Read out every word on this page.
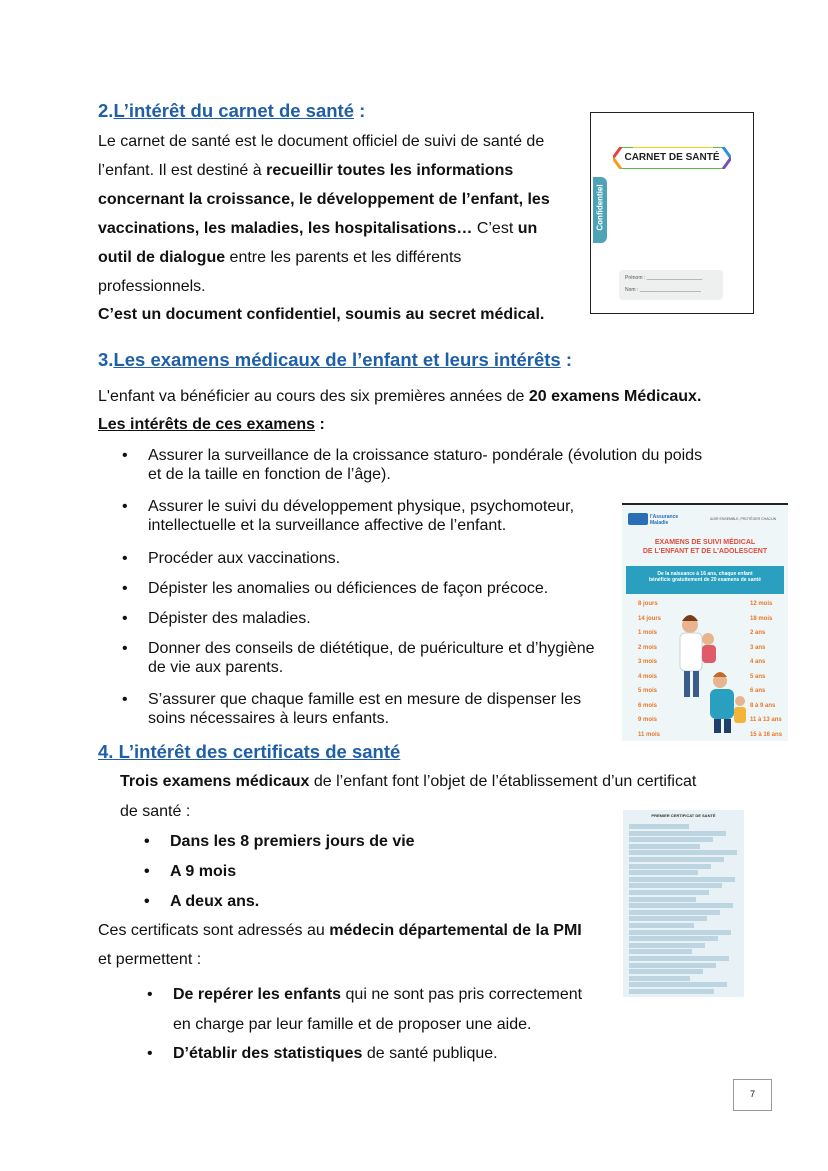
2.L’intérêt du carnet de santé :
Le carnet de santé est le document officiel de suivi de santé de
l’enfant. Il est destiné à recueillir toutes les informations
concernant la croissance, le développement de l’enfant, les
vaccinations, les maladies, les hospitalisations… C’est un
outil de dialogue entre les parents et les différents
professionnels.
C’est un document confidentiel, soumis au secret médical.
CARNET DE SANTÉ
Confidentiel
Prénom : ____________________
Nom : ______________________
3.Les examens médicaux de l’enfant et leurs intérêts :
L'enfant va bénéficier au cours des six premières années de 20 examens Médicaux.
Les intérêts de ces examens :
• Assurer la surveillance de la croissance staturo- pondérale (évolution du poids
et de la taille en fonction de l’âge).
• Assurer le suivi du développement physique, psychomoteur,
intellectuelle et la surveillance affective de l’enfant.
• Procéder aux vaccinations.
• Dépister les anomalies ou déficiences de façon précoce.
• Dépister des maladies.
• Donner des conseils de diététique, de puériculture et d’hygiène
de vie aux parents.
• S’assurer que chaque famille est en mesure de dispenser les
soins nécessaires à leurs enfants.
l'Assurance Maladie
AGIR ENSEMBLE, PROTÉGER CHACUN
EXAMENS DE SUIVI MÉDICAL
DE L'ENFANT ET DE L'ADOLESCENT
De la naissance à 16 ans, chaque enfant
bénéficie gratuitement de 20 examens de santé
8 jours
14 jours
1 mois
2 mois
3 mois
4 mois
5 mois
6 mois
9 mois
11 mois
12 mois
18 mois
2 ans
3 ans
4 ans
5 ans
6 ans
8 à 9 ans
11 à 13 ans
15 à 16 ans
4. L’intérêt des certificats de santé
Trois examens médicaux de l’enfant font l’objet de l’établissement d’un certificat
de santé :
• Dans les 8 premiers jours de vie
• A 9 mois
• A deux ans.
Ces certificats sont adressés au médecin départemental de la PMI
et permettent :
• De repérer les enfants qui ne sont pas pris correctement
en charge par leur famille et de proposer une aide.
• D’établir des statistiques de santé publique.
PREMIER CERTIFICAT DE SANTÉ
7
